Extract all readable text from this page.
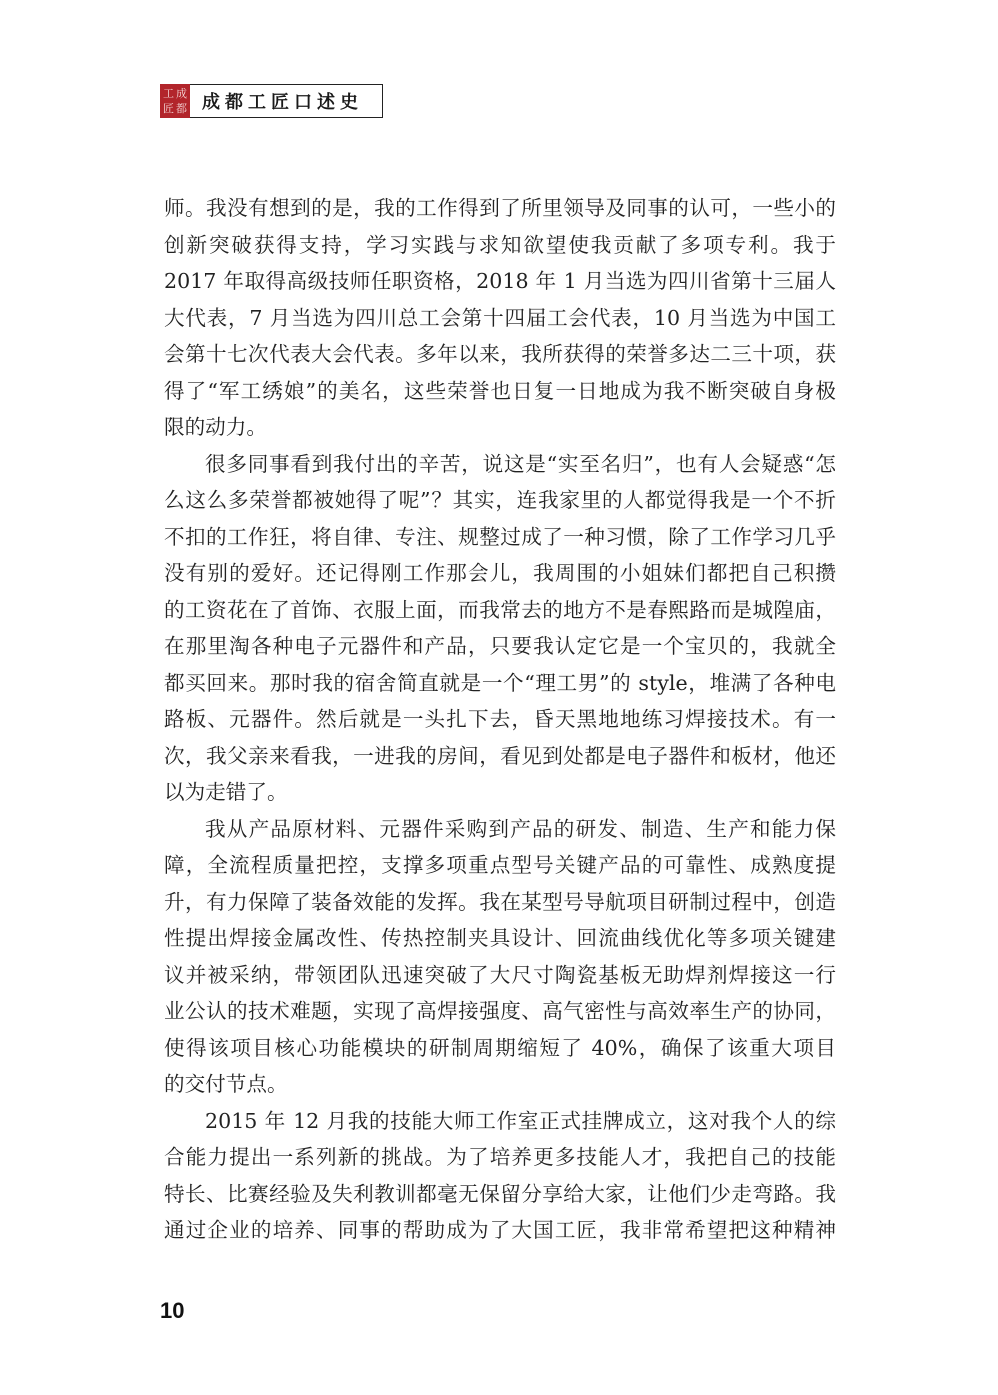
工 成
匠 都 成都工匠口述史
师。我没有想到的是，我的工作得到了所里领导及同事的认可，一些小的
创新突破获得支持，学习实践与求知欲望使我贡献了多项专利。我于
2017 年取得高级技师任职资格，2018 年 1 月当选为四川省第十三届人
大代表，7 月当选为四川总工会第十四届工会代表，10 月当选为中国工
会第十七次代表大会代表。多年以来，我所获得的荣誉多达二三十项，获
得了“军工绣娘”的美名，这些荣誉也日复一日地成为我不断突破自身极
限的动力。
很多同事看到我付出的辛苦，说这是“实至名归”，也有人会疑惑“怎
么这么多荣誉都被她得了呢”？其实，连我家里的人都觉得我是一个不折
不扣的工作狂，将自律、专注、规整过成了一种习惯，除了工作学习几乎
没有别的爱好。还记得刚工作那会儿，我周围的小姐妹们都把自己积攒
的工资花在了首饰、衣服上面，而我常去的地方不是春熙路而是城隍庙，
在那里淘各种电子元器件和产品，只要我认定它是一个宝贝的，我就全
都买回来。那时我的宿舍简直就是一个“理工男”的 style，堆满了各种电
路板、元器件。然后就是一头扎下去，昏天黑地地练习焊接技术。有一
次，我父亲来看我，一进我的房间，看见到处都是电子器件和板材，他还
以为走错了。
我从产品原材料、元器件采购到产品的研发、制造、生产和能力保
障，全流程质量把控，支撑多项重点型号关键产品的可靠性、成熟度提
升，有力保障了装备效能的发挥。我在某型号导航项目研制过程中，创造
性提出焊接金属改性、传热控制夹具设计、回流曲线优化等多项关键建
议并被采纳，带领团队迅速突破了大尺寸陶瓷基板无助焊剂焊接这一行
业公认的技术难题，实现了高焊接强度、高气密性与高效率生产的协同，
使得该项目核心功能模块的研制周期缩短了 40%，确保了该重大项目
的交付节点。
2015 年 12 月我的技能大师工作室正式挂牌成立，这对我个人的综
合能力提出一系列新的挑战。为了培养更多技能人才，我把自己的技能
特长、比赛经验及失利教训都毫无保留分享给大家，让他们少走弯路。我
通过企业的培养、同事的帮助成为了大国工匠，我非常希望把这种精神
10
